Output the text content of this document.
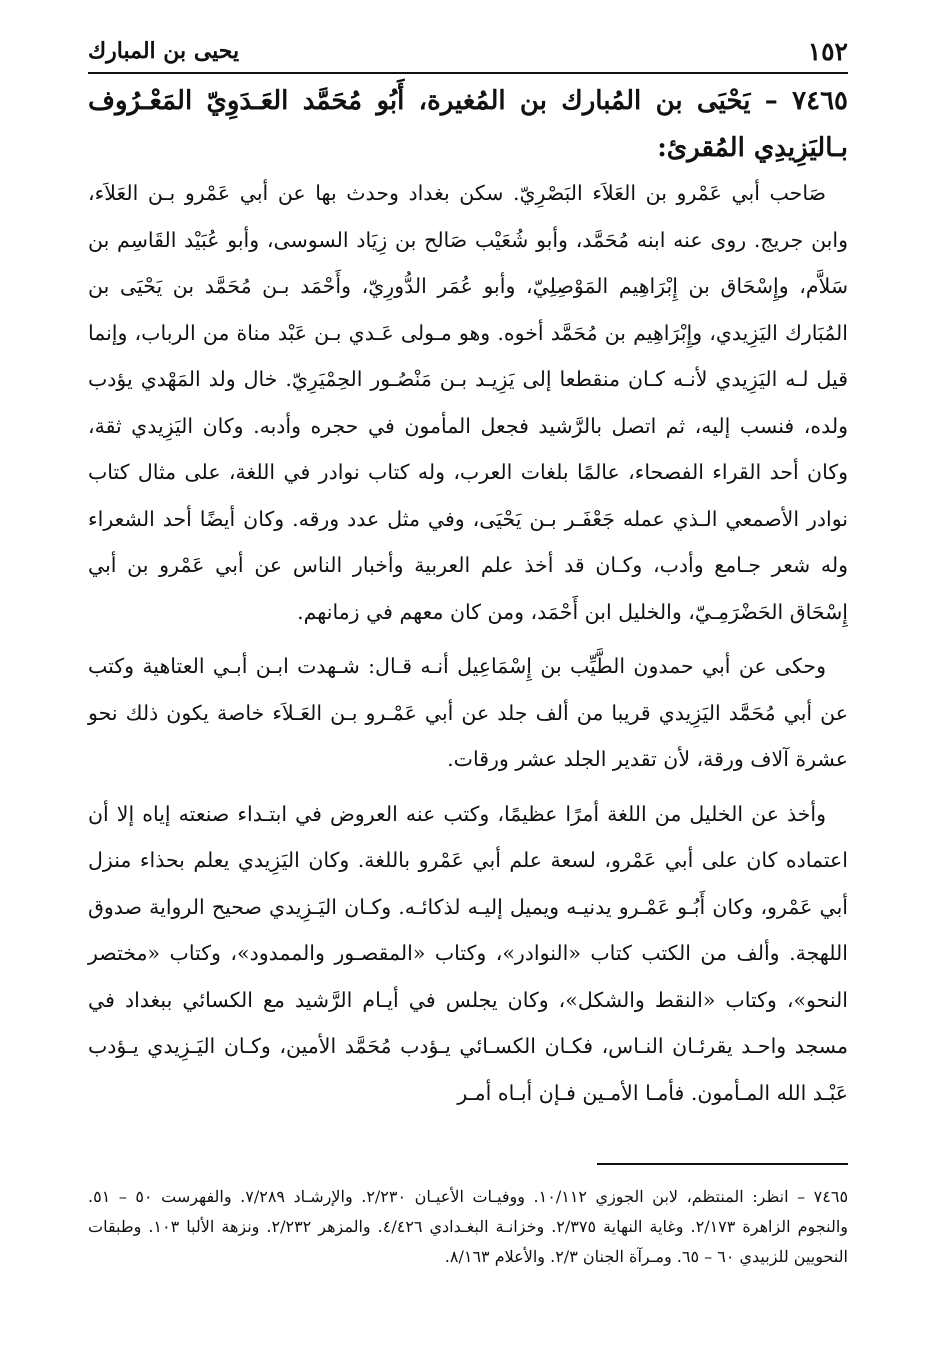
١٥٢
يحيى بن المبارك
٧٤٦٥ – يَحْيَى بن المُبارك بن المُغيرة، أَبُو مُحَمَّد العَـدَوِيّ المَعْـرُوف بـاليَزِيدِي المُقرئ:

صَاحب أبي عَمْرو بن العَلاَء البَصْرِيّ. سكن بغداد وحدث بها عن أبي عَمْرو بـن العَلاَء، وابن جريج. روى عنه ابنه مُحَمَّد، وأبو شُعَيْب صَالح بن زِيَاد السوسى، وأبو عُبَيْد القَاسِم بن سَلاَّم، وإِسْحَاق بن إِبْرَاهِيم المَوْصِلِيّ، وأبو عُمَر الدُّورِيّ، وأَحْمَد بـن مُحَمَّد بن يَحْيَى بن المُبَارك اليَزِيدي، وإِبْرَاهِيم بن مُحَمَّد أخوه. وهو مـولى عَـدي بـن عَبْد مناة من الرباب، وإنما قيل لـه اليَزِيدي لأنـه كـان منقطعا إلى يَزِيـد بـن مَنْصُـور الحِمْيَرِيّ. خال ولد المَهْدي يؤدب ولده، فنسب إليه، ثم اتصل بالرَّشيد فجعل المأمون في حجره وأدبه. وكان اليَزِيدي ثقة، وكان أحد القراء الفصحاء، عالمًا بلغات العرب، وله كتاب نوادر في اللغة، على مثال كتاب نوادر الأصمعي الـذي عمله جَعْفَـر بـن يَحْيَى، وفي مثل عدد ورقه. وكان أيضًا أحد الشعراء وله شعر جـامع وأدب، وكـان قد أخذ علم العربية وأخبار الناس عن أبي عَمْرو بن أبي إِسْحَاق الحَضْرَمِـيّ، والخليل ابن أَحْمَد، ومن كان معهم في زمانهم.

وحكى عن أبي حمدون الطَّيِّب بن إِسْمَاعِيل أنـه قـال: شـهدت ابـن أبـي العتاهية وكتب عن أبي مُحَمَّد اليَزِيدي قريبا من ألف جلد عن أبي عَمْـرو بـن العَـلاَء خاصة يكون ذلك نحو عشرة آلاف ورقة، لأن تقدير الجلد عشر ورقات.

وأخذ عن الخليل من اللغة أمرًا عظيمًا، وكتب عنه العروض في ابتـداء صنعته إياه إلا أن اعتماده كان على أبي عَمْرو، لسعة علم أبي عَمْرو باللغة. وكان اليَزِيدي يعلم بحذاء منزل أبي عَمْرو، وكان أَبُـو عَمْـرو يدنيـه ويميل إليـه لذكائـه. وكـان اليَـزِيدي صحيح الرواية صدوق اللهجة. وألف من الكتب كتاب «النوادر»، وكتاب «المقصـور والممدود»، وكتاب «مختصر النحو»، وكتاب «النقط والشكل»، وكان يجلس في أيـام الرَّشيد مع الكسائي ببغداد في مسجد واحـد يقرئـان النـاس، فكـان الكسـائي يـؤدب مُحَمَّد الأمين، وكـان اليَـزِيدي يـؤدب عَبْـد الله المـأمون. فأمـا الأمـين فـإن أبـاه أمـر

٧٤٦٥ – انظر: المنتظم، لابن الجوزي ١٠/١١٢. ووفيـات الأعيـان ٢/٢٣٠. والإرشـاد ٧/٢٨٩. والفهرست ٥٠ – ٥١. والنجوم الزاهرة ٢/١٧٣. وغاية النهاية ٢/٣٧٥. وخزانـة البغـدادي ٤/٤٢٦. والمزهر ٢/٢٣٢. ونزهة الألبا ١٠٣. وطبقات النحويين للزبيدي ٦٠ – ٦٥. ومـرآة الجنان ٢/٣. والأعلام ٨/١٦٣.
